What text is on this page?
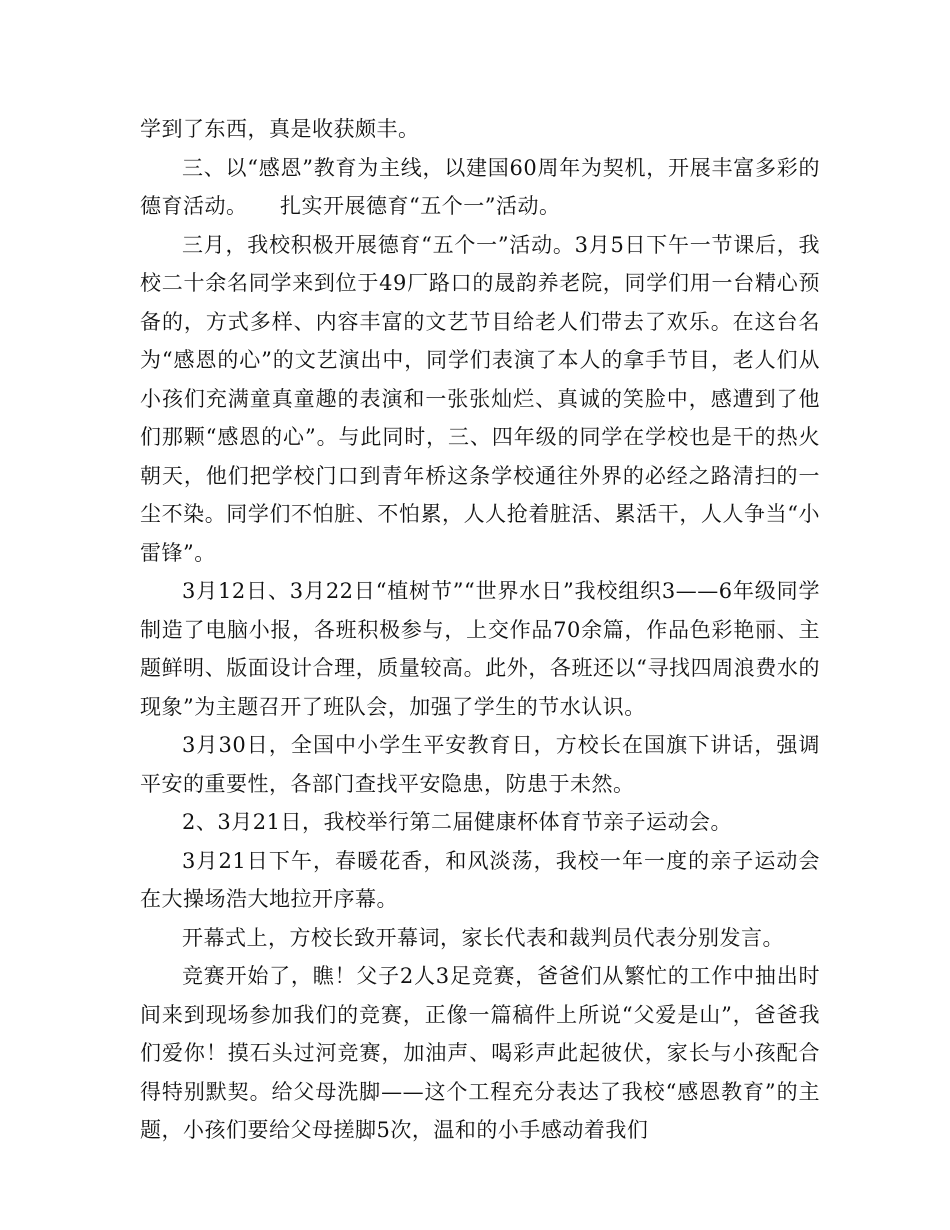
学到了东西，真是收获颇丰。

三、以“感恩”教育为主线，以建国60周年为契机，开展丰富多彩的德育活动。　　扎实开展德育“五个一”活动。

三月，我校积极开展德育“五个一”活动。3月5日下午一节课后，我校二十余名同学来到位于49厂路口的晟韵养老院，同学们用一台精心预备的，方式多样、内容丰富的文艺节目给老人们带去了欢乐。在这台名为“感恩的心”的文艺演出中，同学们表演了本人的拿手节目，老人们从小孩们充满童真童趣的表演和一张张灿烂、真诚的笑脸中，感遭到了他们那颗“感恩的心”。与此同时，三、四年级的同学在学校也是干的热火朝天，他们把学校门口到青年桥这条学校通往外界的必经之路清扫的一尘不染。同学们不怕脏、不怕累，人人抢着脏活、累活干，人人争当“小雷锋”。

3月12日、3月22日“植树节”“世界水日”我校组织3——6年级同学制造了电脑小报，各班积极参与，上交作品70余篇，作品色彩艳丽、主题鲜明、版面设计合理，质量较高。此外，各班还以“寻找四周浪费水的现象”为主题召开了班队会，加强了学生的节水认识。

3月30日，全国中小学生平安教育日，方校长在国旗下讲话，强调平安的重要性，各部门查找平安隐患，防患于未然。

2、3月21日，我校举行第二届健康杯体育节亲子运动会。

3月21日下午，春暖花香，和风淡荡，我校一年一度的亲子运动会在大操场浩大地拉开序幕。

开幕式上，方校长致开幕词，家长代表和裁判员代表分别发言。

竞赛开始了，瞧！父子2人3足竞赛，爸爸们从繁忙的工作中抽出时间来到现场参加我们的竞赛，正像一篇稿件上所说“父爱是山”，爸爸我们爱你！摸石头过河竞赛，加油声、喝彩声此起彼伏，家长与小孩配合得特别默契。给父母洗脚——这个工程充分表达了我校“感恩教育”的主题，小孩们要给父母搓脚5次，温和的小手感动着我们
